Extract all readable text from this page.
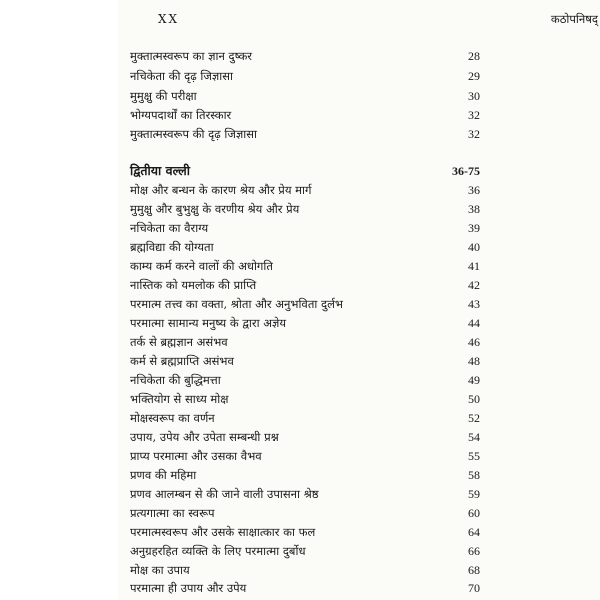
XX	कठोपनिषद्
मुक्तात्मस्वरूप का ज्ञान दुष्कर	28
नचिकेता की दृढ़ जिज्ञासा	29
मुमुक्षु की परीक्षा	30
भोग्यपदार्थों का तिरस्कार	32
मुक्तात्मस्वरूप की दृढ़ जिज्ञासा	32
द्वितीया वल्ली	36-75
मोक्ष और बन्धन के कारण श्रेय और प्रेय मार्ग	36
मुमुक्षु और बुभुक्षु के वरणीय श्रेय और प्रेय	38
नचिकेता का वैराग्य	39
ब्रह्मविद्या की योग्यता	40
काम्य कर्म करने वालों की अधोगति	41
नास्तिक को यमलोक की प्राप्ति	42
परमात्म तत्त्व का वक्ता, श्रोता और अनुभविता दुर्लभ	43
परमात्मा सामान्य मनुष्य के द्वारा अज्ञेय	44
तर्क से ब्रह्मज्ञान असंभव	46
कर्म से ब्रह्मप्राप्ति असंभव	48
नचिकेता की बुद्धिमत्ता	49
भक्तियोग से साध्य मोक्ष	50
मोक्षस्वरूप का वर्णन	52
उपाय, उपेय और उपेता सम्बन्धी प्रश्न	54
प्राप्य परमात्मा और उसका वैभव	55
प्रणव की महिमा	58
प्रणव आलम्बन से की जाने वाली उपासना श्रेष्ठ	59
प्रत्यगात्मा का स्वरूप	60
परमात्मस्वरूप और उसके साक्षात्कार का फल	64
अनुग्रहरहित व्यक्ति के लिए परमात्मा दुर्बोध	66
मोक्ष का उपाय	68
परमात्मा ही उपाय और उपेय	70
